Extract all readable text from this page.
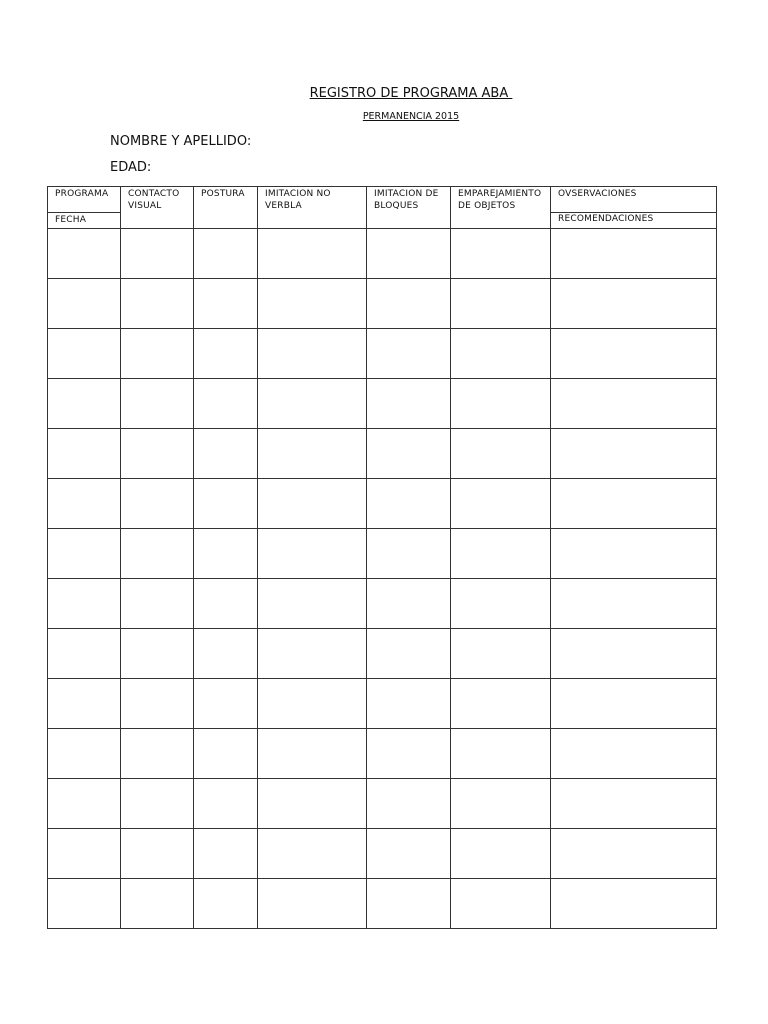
REGISTRO DE PROGRAMA ABA
PERMANENCIA 2015
NOMBRE Y APELLIDO:
EDAD:
PROGRAMA	CONTACTO VISUAL	POSTURA	IMITACION NO VERBLA	IMITACION DE BLOQUES	EMPAREJAMIENTO DE OBJETOS	OVSERVACIONES
FECHA						RECOMENDACIONES
